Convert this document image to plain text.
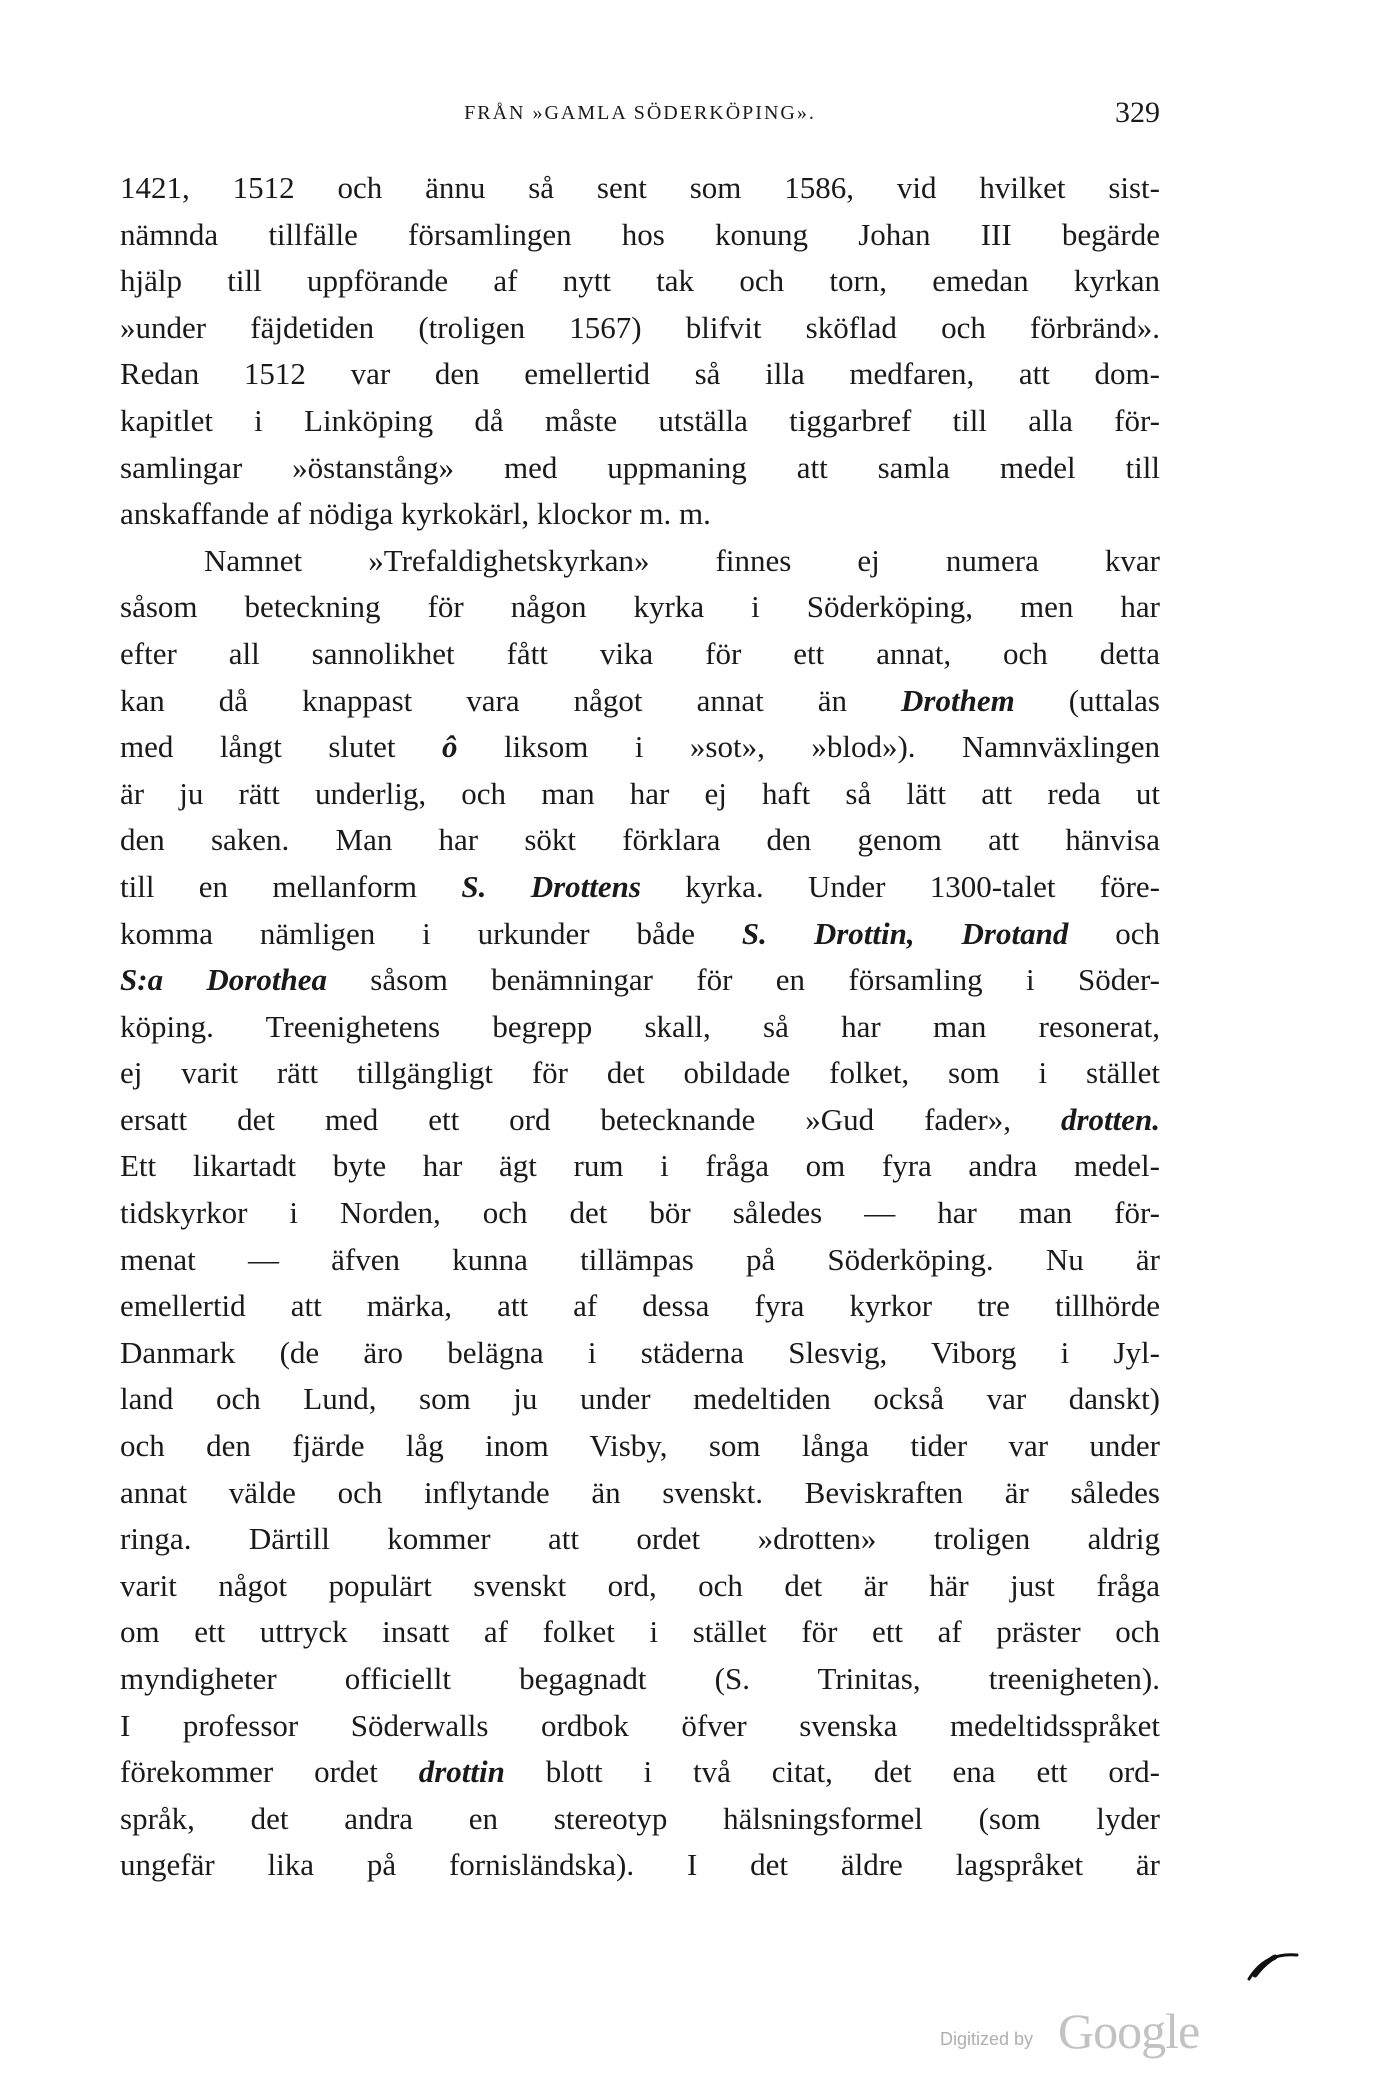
FRÅN »GAMLA SÖDERKÖPING».	329
1421, 1512 och ännu så sent som 1586, vid hvilket sist-
nämnda tillfälle församlingen hos konung Johan III begärde
hjälp till uppförande af nytt tak och torn, emedan kyrkan
»under fäjdetiden (troligen 1567) blifvit sköflad och förbränd».
Redan 1512 var den emellertid så illa medfaren, att dom-
kapitlet i Linköping då måste utställa tiggarbref till alla för-
samlingar »östanstång» med uppmaning att samla medel till
anskaffande af nödiga kyrkokärl, klockor m. m.
Namnet »Trefaldighetskyrkan» finnes ej numera kvar
såsom beteckning för någon kyrka i Söderköping, men har
efter all sannolikhet fått vika för ett annat, och detta
kan då knappast vara något annat än Drothem (uttalas
med långt slutet ô liksom i »sot», »blod»). Namnväxlingen
är ju rätt underlig, och man har ej haft så lätt att reda ut
den saken. Man har sökt förklara den genom att hänvisa
till en mellanform S. Drottens kyrka. Under 1300-talet före-
komma nämligen i urkunder både S. Drottin, Drotand och
S:a Dorothea såsom benämningar för en församling i Söder-
köping. Treenighetens begrepp skall, så har man resonerat,
ej varit rätt tillgängligt för det obildade folket, som i stället
ersatt det med ett ord betecknande »Gud fader», drotten.
Ett likartadt byte har ägt rum i fråga om fyra andra medel-
tidskyrkor i Norden, och det bör således — har man för-
menat — äfven kunna tillämpas på Söderköping. Nu är
emellertid att märka, att af dessa fyra kyrkor tre tillhörde
Danmark (de äro belägna i städerna Slesvig, Viborg i Jyl-
land och Lund, som ju under medeltiden också var danskt)
och den fjärde låg inom Visby, som långa tider var under
annat välde och inflytande än svenskt. Beviskraften är således
ringa. Därtill kommer att ordet »drotten» troligen aldrig
varit något populärt svenskt ord, och det är här just fråga
om ett uttryck insatt af folket i stället för ett af präster och
myndigheter officiellt begagnadt (S. Trinitas, treenigheten).
I professor Söderwalls ordbok öfver svenska medeltidsspråket
förekommer ordet drottin blott i två citat, det ena ett ord-
språk, det andra en stereotyp hälsningsformel (som lyder
ungefär lika på fornisländska). I det äldre lagspråket är
Digitized by Google
